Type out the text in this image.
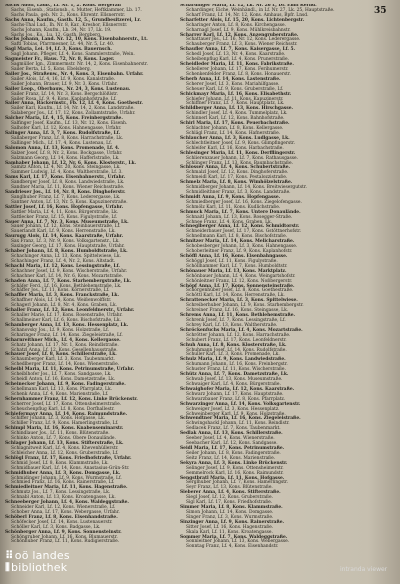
35
Sachs Adolf, Ladb., Lf. Nr. 1, 2. Kons. Bergeran
Sachs, Eisenb., Stationsb., s. Mutter, Heftklammer, Lb. 17.
Sachs Paula, geb. Nr. 2., Kons. Ehrentr. Ellsnerrstr.
Sachs Anna, Kaufm., Gasth. 12, 5., Grundbesitzerei, Lr.
Sachs-Thal Lud., Ih. Nr. 8, Kar., Kreshor, Ellsnerrstr.
Sachs Johann, Kaufm., Lb. 34, Nr. 17, Lk. 19.
Sachs Jos., Ko., Lu. 12, Gasth. Bergberg.
Sachs Johann, Land. Nr. 12, 10, Kons. Eisenbahnerstr., Lt.
Saftl Tobias, Pfarrmesner, Lt. 44, Nr. 5, Lr. 40.
Sagl Maria, Lei. 14, Lf. 3, Kons. Bauernsch.
Sagl Johann, Pfleger, Lf. 4, Kons. Sammlerstraße, Wein.
Sagmeister Fr., Haus. 72, Nr. 8, Kons. Lager.
Sagmüller Ign., Zimmermstr. Nr. 14, 2, Kons. Eisenbahnerstr.
Sailer Berta, Lf. 5, Kons. Ebelsberg.
Sailer Jos., Straßenw., Nr. 4, Kons. 3, Eisenbahn. Urfahr.
Sailer Alois, Lf. 4, 16, Lf. 9, Kons. Kanalstraße.
Sailer Johann, Brauer, Lf. 9, Nr. 3, Kons. Urfahr.
Sailer Leop., Oberbauw., Nr. 24, 3, Kons. Lustenau.
Sailer Franz, Lf. 14, Nr. 3, Kons. Bergschlößlstr.
Sailer Rosa, Lf. 9, 4, Kons. Kaplanhofstraße, Lf.
Sailer Anna, Bäckermstr., Fb. 12, Lf. 4, Kons. Goethestr.
Sailer Karl, Kaufm., Lf. 14, Nr. 14, 2, Kons. Landstraße.
Salaberger Jos., Lf. 17, 12, Kons. Zollamtstraße, Urfahr.
Salcher Maria, Lf. 4, 15, Kons. Freinbergstraße.
Salfinger Josef, Kaufm., Lf. 13, Nr. 12, Kons. Eisenh.
Salhofer Karl, Lf. 12, Kons. Hahnengasse, Urfahr.
Salinger Anna, Lf. 3, 7, Kons. Rudolfstraße, Lf.
Sallaberger Franz, Lf. 8, Kons. Harrachstraße, Lk.
Sallinger Mich., Lf. 17, 4, Kons. Lustenau, Lf.
Salomon Anna, Lf. 13, Kons. Promenade, Lf. 4.
Salzer Josef, Lf. 8, Nr. 2, Kons. Bockgasse, Urfahr.
Salzmann Georg, Lf. 14, Kons. Hafferlstraße, Lk.
Samhaber Johann, Lf. 12, Nr. 6, Kons. Klosterstr., Lk.
Samitz Anton, Lf. 4, Nr. 20, Kons. Steingasse, Lk.
Sammer Ludwig, Lf. 4, Kons. Waltherstraße, Lf. 3.
Sams Karl, Lf. 17, Kons. Eisenbahnerstr., Urfahr.
Sandberger Josef, Lf. 8, Kons. Landwiedstraße, Lk.
Sandner Maria, Lf. 11, Kons. Wiener Reichsstraße.
Sandrieser Jos., Lf. 14, Nr. 8, Kons. Dinghoferstr.
Sanglhuber Franz, Lf. 7, Kons. Lederergasse, Lk.
Santner Anton, Lf. 13, Nr. 5, Kons. Kapuzinerstraße.
Sattler Josef, Lf. 16, Kons. Hopfengasse, Urfahr.
Sattler Maria, Lf. 4, 11, Kons. Bürgerstraße, Lk.
Sattlecker Franz, Lf. 15, Kons. Figulystraße, Lf.
Sauer Anna, Lf. 7, Nr. 3, Kons. Museumstraße, Lk.
Sauer Johann, Lf. 12, Kons. Steinbauerstraße, Lf.
Sauerlandt Karl, Lf. 9, Kons. Herrenstraße, Lk.
Saurugg Alois, Lf. 14, Kons. Kaarstraße, Urfahr.
Sax Franz, Lf. 3, Nr. 9, Kons. Volksgartenstr., Lk.
Saxinger Georg, Lf. 17, Kons. Hauptstraße, Urfahr.
Schaber Johann, Lf. 8, Kons. Humboldtstraße, Lk.
Schachinger Anna, Lf. 13, Kons. Spittelwiese, Lk.
Schachinger Franz, Lf. 4, Nr. 2, Kons. Altstadt.
Schachl Maria, Lf. 12, Kons. Lessingstraße, Lf.
Schachner Josef, Lf. 9, Kons. Wischerstraße, Urfahr.
Schachner Karl, Lf. 14, Nr. 6, Kons. Mozartstraße.
Schaden Anna, Lf. 7, Kons. Starhembergstraße, Lk.
Schäfer Ferd., Lf. 16, Kons. Bethlehemstraße, Lk.
Schäffer Jos., Lf. 11, Kons. Körnerstraße, Lf.
Schaffler Maria, Lf. 3, Kons. Franckstraße, Lk.
Schaffner Alois, Lf. 14, Kons. Weißenwolffstr.
Schagerl Johann, Lf. 8, Nr. 4, Kons. Graben, Lk.
Schaller Franz, Lf. 12, Kons. Leonfeldnerstr., Urfahr.
Schaller Marie, Lf. 17, Kons. Rosenstraße, Urfahr.
Schallmeiner Karl, Lf. 6, Kons. Bischofstraße, Lk.
Schamberger Anna, Lf. 13, Kons. Hessenplatz, Lk.
Schanovsky Jos., Lf. 9, Kons. Holzstraße, Lf.
Scharinger Franz, Lf. 14, Kons. Ziegeleistraße, Lf.
Scharnreithner Mich., Lf. 4, Kons. Kellergasse.
Schatz Johann, Lf. 17, Nr. 1, Kons. Reindlstraße.
Schatzl Anna, Lf. 12, Kons. Gesellenhausstraße.
Schauer Josef, Lf. 8, Kons. Schillerstraße, Lk.
Schaumberger Karl, Lf. 3, Kons. Taubenmarkt.
Schedlberger Franz, Lf. 14, Kons. Wienerstraße.
Scheibl Maria, Lf. 11, Kons. Petrinumstraße, Urfahr.
Scheiblhofer Jos., Lf. 7, Kons. Sandgasse, Lk.
Scheidl Anton, Lf. 16, Kons. Dametzstraße, Lk.
Scheinecker Johann, Lf. 9, Kons. Fadingerstraße.
Schellmann Karl, Lf. 13, Kons. Pfarrplatz, Lk.
Schenk Anna, Lf. 4, Kons. Marienstraße, Lf.
Schernhammer Franz, Lf. 12, Kons. Linke Brückenstr.
Scherrer Josef, Lf. 17, Kons. Ottensheimerstraße.
Scheuchenpflug Karl, Lf. 8, Kons. Dorfhallestr.
Schiefermayr Anna, Lf. 14, Kons. Raimundstraße.
Schiffer Johann, Lf. 3, Kons. Hofgasse, Lk.
Schiller Franz, Lf. 9, Kons. Hamerlingstraße, Lf.
Schimpl Maria, Lf. 16, Kons. Knabenseminarstr.
Schindlauer Jos., Lf. 11, Kons. Blütenstraße.
Schinko Anton, Lf. 7, Kons. Obere Donaulände.
Schlager Johann, Lf. 13, Kons. Stifterstraße, Lk.
Schlagnitweit Karl, Lf. 4, Kons. Khevenhüllerstr.
Schleicher Anna, Lf. 12, Kons. Gruberstraße, Lf.
Schlögl Franz, Lf. 17, Kons. Friedhofstraße, Urfahr.
Schmid Josef, Lf. 8, Kons. Klammstraße, Lk.
Schmidbauer Karl, Lf. 14, Kons. Anastasius-Grün-Str.
Schmidhuber Anna, Lf. 3, Kons. Domgasse, Lk.
Schmidinger Johann, Lf. 9, Kons. Wurmstraße, Lf.
Schmied Franz, Lf. 16, Kons. Rainerstraße, Lf.
Schmiedleitner Maria, Lf. 11, Kons. Hagenstraße.
Schmutz Jos., Lf. 7, Kons. Lessingstraße, Lk.
Schnabl Anton, Lf. 13, Kons. Kroatengasse, Lk.
Schneeberger Johann, Lf. 4, Kons. Waldeggstraße.
Schneider Karl, Lf. 12, Kons. Wienerstraße, Lf.
Schober Anna, Lf. 17, Kons. Webergasse, Urfahr.
Schöberl Franz, Lf. 8, Kons. Eisenhandstraße.
Schöfecker Josef, Lf. 14, Kons. Lustenauerstr.
Schöller Karl, Lf. 3, Kons. Badgasse, Lk.
Schönberger Anna, Lf. 9, Kons. Sonnensteinstr.
Schöngruber Johann, Lf. 16, Kons. Blumauerstr.
Schönhuber Franz, Lf. 11, Kons. Rudigierstraße.
Schardinger Maria, Lf. 12, Lk. Nr. 26 L, Dr. Emil Kernd.
Schardinger, Eiche, Weinhändl., in Lf. Nr. 27, Lk. 25, Hauptstraße.
Scharf Franz, Lf. 14, Nr. 12, Kons. Amhaus, Bpfr. Lnsd.
Scharfetter Alois, Lf. 15, 20, Kons. Lichtenbergstr.
Scharinger Anton, Lf. 8, Kons. Kirchengasse.
Scharnagl Josef, Lf. 9, Kons. Mühlkreisbahnstr.
Scharrer Karl, Lf. 12, Kons. Anzengruberstraße.
Schattauer Jos., Lf. 16, Nr. 12, Kons. Lederergasse.
Schauberger Franz, Lf. 3, Kons. Wiener Reichsstr.
Schaufler Anna, Lf. 7, Kons. Kaisergasse, Lf. 5.
Schedl Josef, Lf. 13, Nr. 4, Kons. Kaarstraße.
Scheibenpflug Karl, Lf. 4, Kons. Prunerstraße.
Scheidleder Maria, Lf. 11, Kons. Fabrikstraße.
Schellerer Johann, Lf. 17, Kons. Ferihumerstr.
Schenkenfelder Franz, Lf. 8, Kons. Honauerstr.
Scherb Anna, Lf. 14, Kons. Lastenstraße.
Scherer Josef, Lf. 3, Kons. Mariahilfgasse.
Scheuer Karl, Lf. 9, Kons. Gruberstraße, Lf.
Schickmayr Maria, Lf. 16, Kons. Elisabethstr.
Schiefer Johann, Lf. 11, Kons. Kapuzinerstr.
Schiffner Franz, Lf. 7, Kons. Hauptplatz, Lk.
Schildberger Anna, Lf. 13, Kons. Hirschgasse.
Schindler Josef, Lf. 4, Kons. Tummelplatz, Lk.
Schinnerl Karl, Lf. 12, Kons. Bahnhofstraße.
Schirl Maria, Lf. 17, Kons. Peuerbachstraße.
Schlachter Johann, Lf. 8, Kons. Kellergasse.
Schlägl Franz, Lf. 14, Kons. Hafnerstraße.
Schlaucher Anna, Lf. 3, Kons. Ludlgasse, Lk.
Schlechtleitner Josef, Lf. 9, Kons. Glimpfingerstr.
Schleifer Karl, Lf. 16, Kons. Harbachstraße.
Schlesinger Maria, Lf. 11, Kons. Derfflingerstr.
Schlierenzauer Johann, Lf. 7, Kons. Rathausgasse.
Schlinger Franz, Lf. 13, Kons. Baumbachstraße.
Schlosser Anna, Lf. 4, Kons. Schubertstraße.
Schmalzl Josef, Lf. 12, Kons. Dinghoferstraße.
Schmeidl Karl, Lf. 17, Kons. Pestalozzistraße.
Schmelz Maria, Lf. 8, Kons. Wimhölzelstraße.
Schmidberger Johann, Lf. 14, Kons. Breitwiesergutstr.
Schmidleithner Franz, Lf. 3, Kons. Landstraße.
Schmidt Anna, Lf. 9, Kons. Hopfengasse.
Schmiedberger Josef, Lf. 16, Kons. Ziegelofengasse.
Schmölz Karl, Lf. 11, Kons. Kudlichstraße.
Schmuck Maria, Lf. 7, Kons. Untere Donaulände.
Schnaitl Johann, Lf. 13, Kons. Rosegger-Straße.
Schnee Franz, Lf. 4, Kons. Graben, Lk.
Schneglberger Anna, Lf. 12, Kons. Schmidtorstr.
Schneiderbauer Josef, Lf. 17, Kons. Gstöttnerhofstr.
Schnellmann Karl, Lf. 8, Kons. Bischofstraße.
Schnitzer Maria, Lf. 14, Kons. Melicharstraße.
Schobesberger Johann, Lf. 3, Kons. Hahnengasse.
Schoberleitner Franz, Lf. 9, Kons. Kaplanhofstr.
Schöffl Anna, Lf. 16, Kons. Eisenbahngasse.
Schöggl Josef, Lf. 11, Kons. Figulystraße.
Schöllhammer Karl, Lf. 7, Kons. Humboldtstr.
Schönauer Maria, Lf. 13, Kons. Marktplatz.
Schönbauer Johann, Lf. 4, Kons. Weingartshofstr.
Schönleitner Franz, Lf. 12, Kons. Noßbergerstr.
Schöpf Anna, Lf. 17, Kons. Sonnensteinstraße.
Schörgenhuber Josef, Lf. 8, Kons. Goethestraße.
Schöttl Karl, Lf. 14, Kons. Herrenstraße, Lk.
Schrattenecker Maria, Lf. 3, Kons. Spittelwiese.
Schreiberhuber Johann, Lf. 9, Kons. Starhembergstr.
Schreiner Franz, Lf. 16, Kons. Steingasse, Lk.
Schrems Anna, Lf. 11, Kons. Bethlehemstraße.
Schrenk Josef, Lf. 7, Kons. Lessingstraße, Lf.
Schrey Karl, Lf. 13, Kons. Waltherstraße.
Schröckenfuchs Maria, Lf. 4, Kons. Mozartstraße.
Schrötter Johann, Lf. 12, Kons. Harrachstraße.
Schubert Franz, Lf. 17, Kons. Leonfeldnerstr.
Schuh Anna, Lf. 8, Kons. Klosterstraße, Lk.
Schuhmann Josef, Lf. 14, Kons. Rudolfstraße.
Schuller Karl, Lf. 3, Kons. Promenade, Lk.
Schulz Maria, Lf. 9, Kons. Landwiedstraße.
Schumann Johann, Lf. 16, Kons. Freinbergstr.
Schuster Franz, Lf. 11, Kons. Wischerstraße.
Schütz Anna, Lf. 7, Kons. Dametzstraße, Lk.
Schwab Josef, Lf. 13, Kons. Museumstraße.
Schwaiger Karl, Lf. 4, Kons. Bürgerstraße.
Schwaighofer Maria, Lf. 12, Kons. Kaarstraße.
Schwarz Johann, Lf. 17, Kons. Hauptstraße.
Schwarzbauer Franz, Lf. 8, Kons. Pfarrplatz.
Schwarzinger Anna, Lf. 14, Kons. Volksgartenstr.
Schweiger Josef, Lf. 3, Kons. Hessenplatz.
Schweinberger Karl, Lf. 9, Kons. Holzstraße.
Schwendtner Maria, Lf. 16, Kons. Ziegeleistraße.
Schwingshackl Johann, Lf. 11, Kons. Reindlstr.
Sedlacek Franz, Lf. 7, Kons. Taubenmarkt.
Sedlak Anna, Lf. 13, Kons. Schillerstraße.
Seeber Josef, Lf. 4, Kons. Wienerstraße.
Seebacher Karl, Lf. 12, Kons. Sandgasse.
Seidl Maria, Lf. 17, Kons. Petrinumstraße.
Seiler Johann, Lf. 8, Kons. Fadingerstraße.
Seitz Franz, Lf. 14, Kons. Marienstraße.
Sekyra Anna, Lf. 3, Kons. Linke Brückenstr.
Selinger Josef, Lf. 9, Kons. Ottensheimerstr.
Semmelrock Karl, Lf. 16, Kons. Raimundstr.
Sengstbratl Maria, Lf. 11, Kons. Hofgasse.
Serglhuber Johann, Lf. 7, Kons. Hamerlingstr.
Seyr Franz, Lf. 13, Kons. Blütenstraße.
Sieberer Anna, Lf. 4, Kons. Stifterstraße.
Siegl Josef, Lf. 12, Kons. Gruberstraße.
Sigl Karl, Lf. 17, Kons. Friedhofstraße.
Simmer Maria, Lf. 8, Kons. Klammstraße.
Simon Johann, Lf. 14, Kons. Domgasse.
Singer Franz, Lf. 3, Kons. Wurmstraße.
Sinzinger Anna, Lf. 9, Kons. Rainerstraße.
Sitter Josef, Lf. 16, Kons. Hagenstraße.
Skala Karl, Lf. 11, Kons. Kroatengasse.
Sommer Maria, Lf. 7, Kons. Waldeggstraße.
Sonnleitner Johann, Lf. 13, Kons. Webergasse.
Sonntag Franz, Lf. 4, Kons. Eisenhandstr.
⠿oö landes
⦀bibliothek	intranda viewer
